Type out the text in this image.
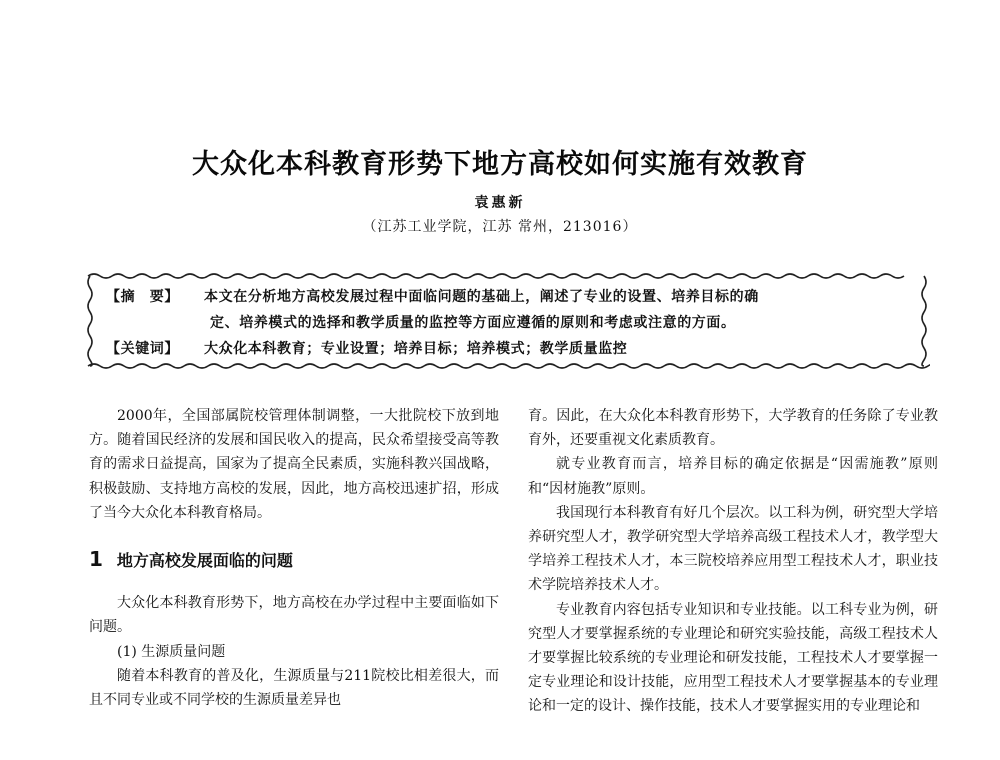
大众化本科教育形势下地方高校如何实施有效教育
袁惠新
（江苏工业学院，江苏 常州，213016）
【摘　要】 本文在分析地方高校发展过程中面临问题的基础上，阐述了专业的设置、培养目标的确
定、培养模式的选择和教学质量的监控等方面应遵循的原则和考虑或注意的方面。
【关键词】 大众化本科教育；专业设置；培养目标；培养模式；教学质量监控

2000年，全国部属院校管理体制调整，一大批院校下放到地方。随着国民经济的发展和国民收入的提高，民众希望接受高等教育的需求日益提高，国家为了提高全民素质，实施科教兴国战略，积极鼓励、支持地方高校的发展，因此，地方高校迅速扩招，形成了当今大众化本科教育格局。

1 地方高校发展面临的问题

大众化本科教育形势下，地方高校在办学过程中主要面临如下问题。

(1) 生源质量问题

随着本科教育的普及化，生源质量与211院校比相差很大，而且不同专业或不同学校的生源质量差异也

育。因此，在大众化本科教育形势下，大学教育的任务除了专业教育外，还要重视文化素质教育。

就专业教育而言，培养目标的确定依据是“因需施教”原则和“因材施教”原则。

我国现行本科教育有好几个层次。以工科为例，研究型大学培养研究型人才，教学研究型大学培养高级工程技术人才，教学型大学培养工程技术人才，本三院校培养应用型工程技术人才，职业技术学院培养技术人才。

专业教育内容包括专业知识和专业技能。以工科专业为例，研究型人才要掌握系统的专业理论和研究实验技能，高级工程技术人才要掌握比较系统的专业理论和研发技能，工程技术人才要掌握一定专业理论和设计技能，应用型工程技术人才要掌握基本的专业理论和一定的设计、操作技能，技术人才要掌握实用的专业理论和
